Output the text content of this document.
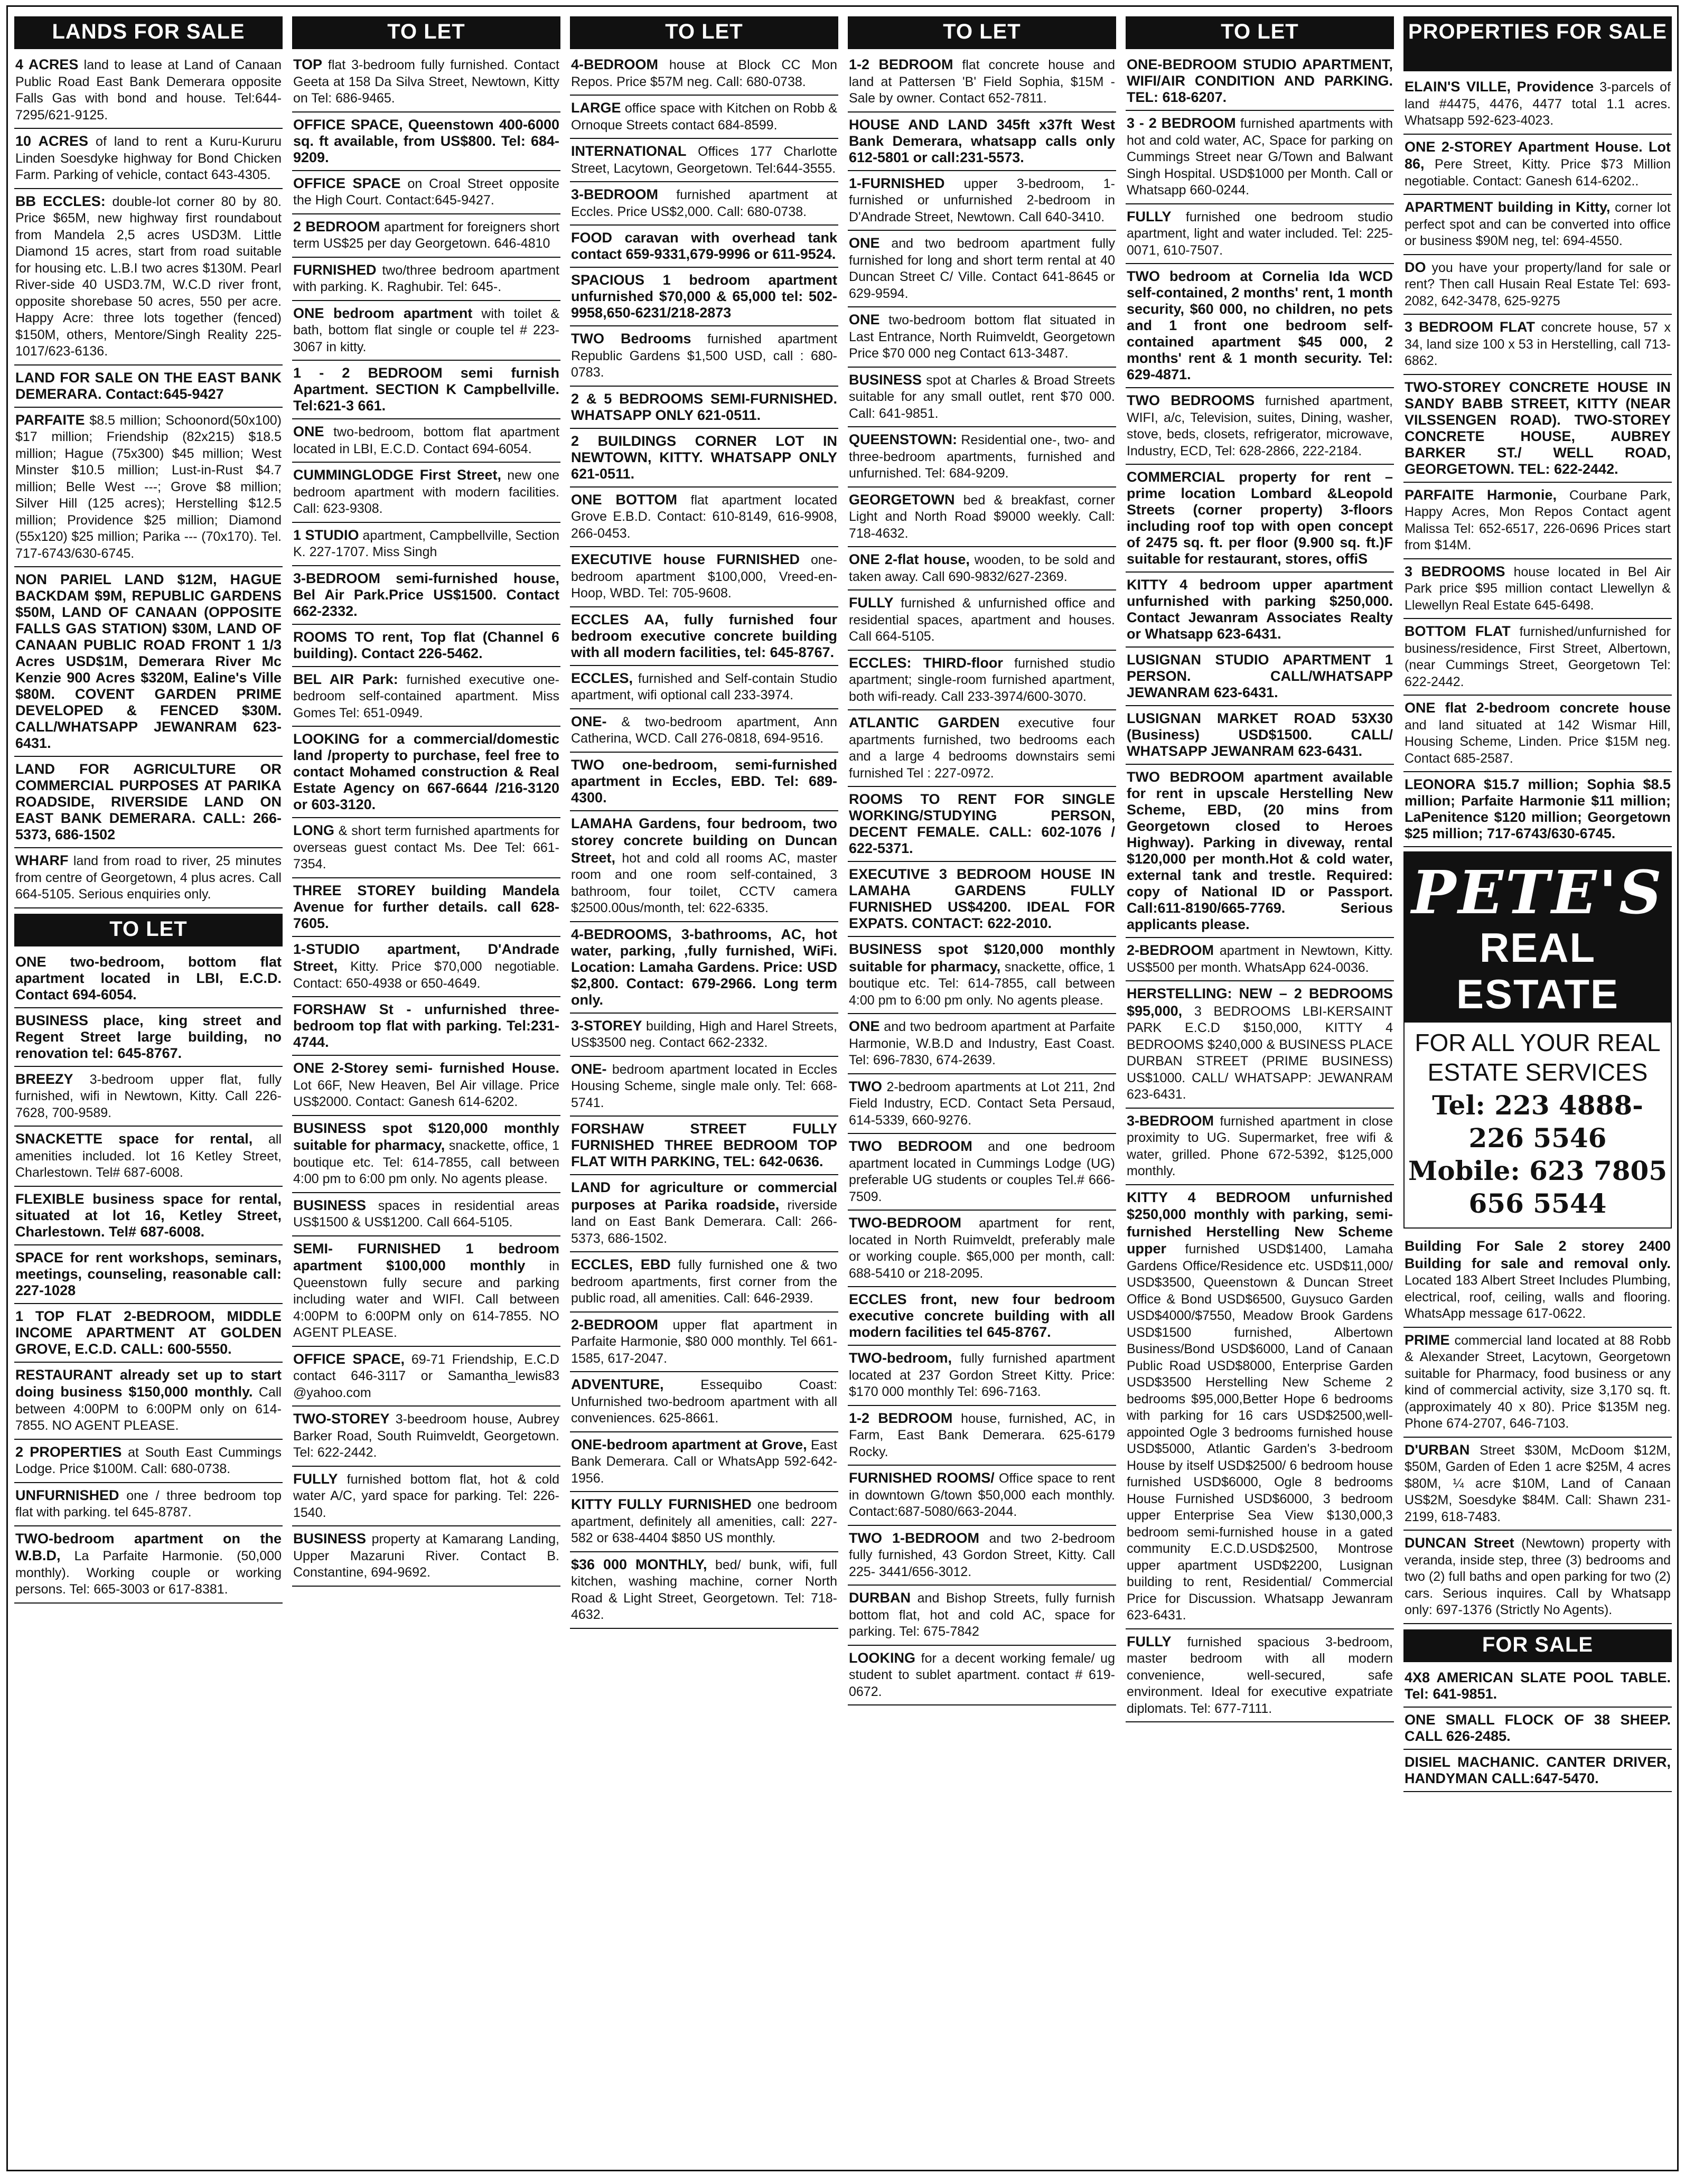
LANDS FOR SALE
4 ACRES land to lease at Land of Canaan Public Road East Bank Demerara opposite Falls Gas with bond and house. Tel:644-7295/621-9125.
10 ACRES of land to rent a Kuru-Kururu Linden Soesdyke highway for Bond Chicken Farm. Parking of vehicle, contact 643-4305.
BB ECCLES: double-lot corner 80 by 80. Price $65M, new highway first roundabout from Mandela 2,5 acres USD3M. Little Diamond 15 acres, start from road suitable for housing etc. L.B.I two acres $130M. Pearl River-side 40 USD3.7M, W.C.D river front, opposite shorebase 50 acres, 550 per acre. Happy Acre: three lots together (fenced) $150M, others, Mentore/Singh Reality 225-1017/623-6136.
LAND FOR SALE ON THE EAST BANK DEMERARA. Contact:645-9427
PARFAITE $8.5 million; Schoonord(50x100) $17 million; Friendship (82x215) $18.5 million; Hague (75x300) $45 million; West Minster $10.5 million; Lust-in-Rust $4.7 million; Belle West ---; Grove $8 million; Silver Hill (125 acres); Herstelling $12.5 million; Providence $25 million; Diamond (55x120) $25 million; Parika --- (70x170). Tel. 717-6743/630-6745.
NON PARIEL LAND $12M, HAGUE BACKDAM $9M, REPUBLIC GARDENS $50M, LAND OF CANAAN (OPPOSITE FALLS GAS STATION) $30M, LAND OF CANAAN PUBLIC ROAD FRONT 1 1/3 Acres USD$1M, Demerara River Mc Kenzie 900 Acres $320M, Ealine's Ville $80M. COVENT GARDEN PRIME DEVELOPED & FENCED $30M. CALL/WHATSAPP JEWANRAM 623-6431.
LAND FOR AGRICULTURE OR COMMERCIAL PURPOSES AT PARIKA ROADSIDE, RIVERSIDE LAND ON EAST BANK DEMERARA. CALL: 266-5373, 686-1502
WHARF land from road to river, 25 minutes from centre of Georgetown, 4 plus acres. Call 664-5105. Serious enquiries only.
TO LET
ONE two-bedroom, bottom flat apartment located in LBI, E.C.D. Contact 694-6054.
BUSINESS place, king street and Regent Street large building, no renovation tel: 645-8767.
BREEZY 3-bedroom upper flat, fully furnished, wifi in Newtown, Kitty. Call 226-7628, 700-9589.
SNACKETTE space for rental, all amenities included. lot 16 Ketley Street, Charlestown. Tel# 687-6008.
FLEXIBLE business space for rental, situated at lot 16, Ketley Street, Charlestown. Tel# 687-6008.
SPACE for rent workshops, seminars, meetings, counseling, reasonable call: 227-1028
1 TOP FLAT 2-BEDROOM, MIDDLE INCOME APARTMENT AT GOLDEN GROVE, E.C.D. CALL: 600-5550.
RESTAURANT already set up to start doing business $150,000 monthly. Call between 4:00PM to 6:00PM only on 614-7855. NO AGENT PLEASE.
2 PROPERTIES at South East Cummings Lodge. Price $100M. Call: 680-0738.
UNFURNISHED one / three bedroom top flat with parking. tel 645-8787.
TWO-bedroom apartment on the W.B.D, La Parfaite Harmonie. (50,000 monthly). Working couple or working persons. Tel: 665-3003 or 617-8381.
TO LET
TOP flat 3-bedroom fully furnished. Contact Geeta at 158 Da Silva Street, Newtown, Kitty on Tel: 686-9465.
OFFICE SPACE, Queenstown 400-6000 sq. ft available, from US$800. Tel: 684-9209.
OFFICE SPACE on Croal Street opposite the High Court. Contact:645-9427.
2 BEDROOM apartment for foreigners short term US$25 per day Georgetown. 646-4810
FURNISHED two/three bedroom apartment with parking. K. Raghubir. Tel: 645-.
ONE bedroom apartment with toilet & bath, bottom flat single or couple tel # 223-3067 in kitty.
1 - 2 BEDROOM semi furnish Apartment. SECTION K Campbellville. Tel:621-3 661.
ONE two-bedroom, bottom flat apartment located in LBI, E.C.D. Contact 694-6054.
CUMMINGLODGE First Street, new one bedroom apartment with modern facilities. Call: 623-9308.
1 STUDIO apartment, Campbellville, Section K. 227-1707. Miss Singh
3-BEDROOM semi-furnished house, Bel Air Park.Price US$1500. Contact 662-2332.
ROOMS TO rent, Top flat (Channel 6 building). Contact 226-5462.
BEL AIR Park: furnished executive one-bedroom self-contained apartment. Miss Gomes Tel: 651-0949.
LOOKING for a commercial/domestic land /property to purchase, feel free to contact Mohamed construction & Real Estate Agency on 667-6644 /216-3120 or 603-3120.
LONG & short term furnished apartments for overseas guest contact Ms. Dee Tel: 661-7354.
THREE STOREY building Mandela Avenue for further details. call 628-7605.
1-STUDIO apartment, D'Andrade Street, Kitty. Price $70,000 negotiable. Contact: 650-4938 or 650-4649.
FORSHAW St - unfurnished three-bedroom top flat with parking. Tel:231-4744.
ONE 2-Storey semi- furnished House. Lot 66F, New Heaven, Bel Air village. Price US$2000. Contact: Ganesh 614-6202.
BUSINESS spot $120,000 monthly suitable for pharmacy, snackette, office, 1 boutique etc. Tel: 614-7855, call between 4:00 pm to 6:00 pm only. No agents please.
BUSINESS spaces in residential areas US$1500 & US$1200. Call 664-5105.
SEMI- FURNISHED 1 bedroom apartment $100,000 monthly in Queenstown fully secure and parking including water and WIFI. Call between 4:00PM to 6:00PM only on 614-7855. NO AGENT PLEASE.
OFFICE SPACE, 69-71 Friendship, E.C.D contact 646-3117 or Samantha_lewis83 @yahoo.com
TWO-STOREY 3-beedroom house, Aubrey Barker Road, South Ruimveldt, Georgetown. Tel: 622-2442.
FULLY furnished bottom flat, hot & cold water A/C, yard space for parking. Tel: 226-1540.
BUSINESS property at Kamarang Landing, Upper Mazaruni River. Contact B. Constantine, 694-9692.
TO LET
4-BEDROOM house at Block CC Mon Repos. Price $57M neg. Call: 680-0738.
LARGE office space with Kitchen on Robb & Ornoque Streets contact 684-8599.
INTERNATIONAL Offices 177 Charlotte Street, Lacytown, Georgetown. Tel:644-3555.
3-BEDROOM furnished apartment at Eccles. Price US$2,000. Call: 680-0738.
FOOD caravan with overhead tank contact 659-9331,679-9996 or 611-9524.
SPACIOUS 1 bedroom apartment unfurnished $70,000 & 65,000 tel: 502-9958,650-6231/218-2873
TWO Bedrooms furnished apartment Republic Gardens $1,500 USD, call : 680-0783.
2 & 5 BEDROOMS SEMI-FURNISHED. WHATSAPP ONLY 621-0511.
2 BUILDINGS CORNER LOT IN NEWTOWN, KITTY. WHATSAPP ONLY 621-0511.
ONE BOTTOM flat apartment located Grove E.B.D. Contact: 610-8149, 616-9908, 266-0453.
EXECUTIVE house FURNISHED one-bedroom apartment $100,000, Vreed-en-Hoop, WBD. Tel: 705-9608.
ECCLES AA, fully furnished four bedroom executive concrete building with all modern facilities, tel: 645-8767.
ECCLES, furnished and Self-contain Studio apartment, wifi optional call 233-3974.
ONE- & two-bedroom apartment, Ann Catherina, WCD. Call 276-0818, 694-9516.
TWO one-bedroom, semi-furnished apartment in Eccles, EBD. Tel: 689-4300.
LAMAHA Gardens, four bedroom, two storey concrete building on Duncan Street, hot and cold all rooms AC, master room and one room self-contained, 3 bathroom, four toilet, CCTV camera $2500.00us/month, tel: 622-6335.
4-BEDROOMS, 3-bathrooms, AC, hot water, parking, ,fully furnished, WiFi. Location: Lamaha Gardens. Price: USD $2,800. Contact: 679-2966. Long term only.
3-STOREY building, High and Harel Streets, US$3500 neg. Contact 662-2332.
ONE- bedroom apartment located in Eccles Housing Scheme, single male only. Tel: 668-5741.
FORSHAW STREET FULLY FURNISHED THREE BEDROOM TOP FLAT WITH PARKING, TEL: 642-0636.
LAND for agriculture or commercial purposes at Parika roadside, riverside land on East Bank Demerara. Call: 266-5373, 686-1502.
ECCLES, EBD fully furnished one & two bedroom apartments, first corner from the public road, all amenities. Call: 646-2939.
2-BEDROOM upper flat apartment in Parfaite Harmonie, $80 000 monthly. Tel 661-1585, 617-2047.
ADVENTURE,	Essequibo Coast: Unfurnished two-bedroom apartment with all conveniences. 625-8661.
ONE-bedroom apartment at Grove, East Bank Demerara. Call or WhatsApp 592-642-1956.
KITTY FULLY FURNISHED one bedroom apartment, definitely all amenities, call: 227-582 or 638-4404 $850 US monthly.
$36 000 MONTHLY, bed/ bunk, wifi, full kitchen, washing machine, corner North Road & Light Street, Georgetown. Tel: 718-4632.
TO LET
1-2 BEDROOM flat concrete house and land at Pattersen 'B' Field Sophia, $15M - Sale by owner. Contact 652-7811.
HOUSE AND LAND 345ft x37ft West Bank Demerara, whatsapp calls only 612-5801 or call:231-5573.
1-FURNISHED upper 3-bedroom, 1-furnished or unfurnished 2-bedroom in D'Andrade Street, Newtown. Call 640-3410.
ONE and two bedroom apartment fully furnished for long and short term rental at 40 Duncan Street C/ Ville. Contact 641-8645 or 629-9594.
ONE two-bedroom bottom flat situated in Last Entrance, North Ruimveldt, Georgetown Price $70 000 neg Contact 613-3487.
BUSINESS spot at Charles & Broad Streets suitable for any small outlet, rent $70 000. Call: 641-9851.
QUEENSTOWN: Residential one-, two- and three-bedroom apartments, furnished and unfurnished. Tel: 684-9209.
GEORGETOWN bed & breakfast, corner Light and North Road $9000 weekly. Call: 718-4632.
ONE 2-flat house, wooden, to be sold and taken away. Call 690-9832/627-2369.
FULLY furnished & unfurnished office and residential spaces, apartment and houses. Call 664-5105.
ECCLES: THIRD-floor furnished studio apartment; single-room furnished apartment, both wifi-ready. Call 233-3974/600-3070.
ATLANTIC GARDEN executive four apartments furnished, two bedrooms each and a large 4 bedrooms downstairs semi furnished Tel : 227-0972.
ROOMS TO RENT FOR SINGLE WORKING/STUDYING PERSON, DECENT FEMALE. CALL: 602-1076 / 622-5371.
EXECUTIVE 3 BEDROOM HOUSE IN LAMAHA GARDENS FULLY FURNISHED US$4200. IDEAL FOR EXPATS. CONTACT: 622-2010.
BUSINESS spot $120,000 monthly suitable for pharmacy, snackette, office, 1 boutique etc. Tel: 614-7855, call between 4:00 pm to 6:00 pm only. No agents please.
ONE and two bedroom apartment at Parfaite Harmonie, W.B.D and Industry, East Coast. Tel: 696-7830, 674-2639.
TWO 2-bedroom apartments at Lot 211, 2nd Field Industry, ECD. Contact Seta Persaud, 614-5339, 660-9276.
TWO BEDROOM and one bedroom apartment located in Cummings Lodge (UG) preferable UG students or couples Tel.# 666-7509.
TWO-BEDROOM apartment for rent, located in North Ruimveldt, preferably male or working couple. $65,000 per month, call: 688-5410 or 218-2095.
ECCLES front, new four bedroom executive concrete building with all modern facilities tel 645-8767.
TWO-bedroom, fully furnished apartment located at 237 Gordon Street Kitty. Price: $170 000 monthly Tel: 696-7163.
1-2 BEDROOM house, furnished, AC, in Farm, East Bank Demerara. 625-6179 Rocky.
FURNISHED ROOMS/ Office space to rent in downtown G/town $50,000 each monthly. Contact:687-5080/663-2044.
TWO 1-BEDROOM and two 2-bedroom fully furnished, 43 Gordon Street, Kitty. Call 225- 3441/656-3012.
DURBAN and Bishop Streets, fully furnish bottom flat, hot and cold AC, space for parking. Tel: 675-7842
LOOKING for a decent working female/ ug student to sublet apartment. contact # 619-0672.
TO LET
ONE-BEDROOM STUDIO APARTMENT, WIFI/AIR CONDITION AND PARKING. TEL: 618-6207.
3 - 2 BEDROOM furnished apartments with hot and cold water, AC, Space for parking on Cummings Street near G/Town and Balwant Singh Hospital. USD$1000 per Month. Call or Whatsapp 660-0244.
FULLY furnished one bedroom studio apartment, light and water included. Tel: 225-0071, 610-7507.
TWO bedroom at Cornelia Ida WCD self-contained, 2 months' rent, 1 month security, $60 000, no children, no pets and 1 front one bedroom self-contained apartment $45 000, 2 months' rent & 1 month security. Tel: 629-4871.
TWO BEDROOMS furnished apartment, WIFI, a/c, Television, suites, Dining, washer, stove, beds, closets, refrigerator, microwave, Industry, ECD, Tel: 628-2866, 222-2184.
COMMERCIAL property for rent – prime location Lombard &Leopold Streets (corner property) 3-floors including roof top with open concept of 2475 sq. ft. per floor (9.900 sq. ft.)F suitable for restaurant, stores, offiS
KITTY 4 bedroom upper apartment unfurnished with parking $250,000. Contact Jewanram Associates Realty or Whatsapp 623-6431.
LUSIGNAN STUDIO APARTMENT 1 PERSON. CALL/WHATSAPP JEWANRAM 623-6431.
LUSIGNAN MARKET ROAD 53X30 (Business) USD$1500. CALL/ WHATSAPP JEWANRAM 623-6431.
TWO BEDROOM apartment available for rent in upscale Herstelling New Scheme, EBD, (20 mins from Georgetown closed to Heroes Highway). Parking in diveway, rental $120,000 per month.Hot & cold water, external tank and trestle. Required: copy of National ID or Passport. Call:611-8190/665-7769. Serious applicants please.
2-BEDROOM apartment in Newtown, Kitty. US$500 per month. WhatsApp 624-0036.
HERSTELLING: NEW – 2 BEDROOMS $95,000, 3 BEDROOMS LBI-KERSAINT PARK E.C.D $150,000, KITTY 4 BEDROOMS $240,000 & BUSINESS PLACE DURBAN STREET (PRIME BUSINESS) US$1000. CALL/ WHATSAPP: JEWANRAM 623-6431.
3-BEDROOM furnished apartment in close proximity to UG. Supermarket, free wifi & water, grilled. Phone 672-5392, $125,000 monthly.
KITTY 4 BEDROOM unfurnished $250,000 monthly with parking, semi-furnished Herstelling New Scheme upper furnished USD$1400, Lamaha Gardens Office/Residence etc. USD$11,000/ USD$3500, Queenstown & Duncan Street Office & Bond USD$6500, Guysuco Garden USD$4000/$7550, Meadow Brook Gardens USD$1500 furnished, Albertown Business/Bond USD$6000, Land of Canaan Public Road USD$8000, Enterprise Garden USD$3500 Herstelling New Scheme 2 bedrooms $95,000,Better Hope 6 bedrooms with parking for 16 cars USD$2500,well-appointed Ogle 3 bedrooms furnished house USD$5000, Atlantic Garden's 3-bedroom House by itself USD$2500/ 6 bedroom house furnished USD$6000, Ogle 8 bedrooms House Furnished USD$6000, 3 bedroom upper Enterprise Sea View $130,000,3 bedroom semi-furnished house in a gated community E.C.D.USD$2500, Montrose upper apartment USD$2200, Lusignan building to rent, Residential/ Commercial Price for Discussion. Whatsapp Jewanram 623-6431.
FULLY furnished spacious 3-bedroom, master bedroom with all modern convenience, well-secured, safe environment. Ideal for executive expatriate diplomats. Tel: 677-7111.
PROPERTIES FOR SALE
ELAIN'S VILLE, Providence 3-parcels of land #4475, 4476, 4477 total 1.1 acres. Whatsapp 592-623-4023.
ONE 2-STOREY Apartment House. Lot 86, Pere Street, Kitty. Price $73 Million negotiable. Contact: Ganesh 614-6202..
APARTMENT building in Kitty, corner lot perfect spot and can be converted into office or business $90M neg, tel: 694-4550.
DO you have your property/land for sale or rent? Then call Husain Real Estate Tel: 693-2082, 642-3478, 625-9275
3 BEDROOM FLAT concrete house, 57 x 34, land size 100 x 53 in Herstelling, call 713-6862.
TWO-STOREY CONCRETE HOUSE IN SANDY BABB STREET, KITTY (NEAR VILSSENGEN ROAD). TWO-STOREY CONCRETE HOUSE, AUBREY BARKER ST./ WELL ROAD, GEORGETOWN. TEL: 622-2442.
PARFAITE Harmonie, Courbane Park, Happy Acres, Mon Repos Contact agent Malissa Tel: 652-6517, 226-0696 Prices start from $14M.
3 BEDROOMS house located in Bel Air Park price $95 million contact Llewellyn & Llewellyn Real Estate 645-6498.
BOTTOM FLAT furnished/unfurnished for business/residence, First Street, Albertown, (near Cummings Street, Georgetown Tel: 622-2442.
ONE flat 2-bedroom concrete house and land situated at 142 Wismar Hill, Housing Scheme, Linden. Price $15M neg. Contact 685-2587.
LEONORA $15.7 million; Sophia $8.5 million; Parfaite Harmonie $11 million; LaPenitence $120 million; Georgetown $25 million; 717-6743/630-6745.
PETE'S
REAL ESTATE
FOR ALL YOUR REAL ESTATE SERVICES
Tel: 223 4888-
226 5546
Mobile: 623 7805
656 5544
Building For Sale 2 storey 2400 Building for sale and removal only. Located 183 Albert Street Includes Plumbing, electrical, roof, ceiling, walls and flooring. WhatsApp message 617-0622.
PRIME commercial land located at 88 Robb & Alexander Street, Lacytown, Georgetown suitable for Pharmacy, food business or any kind of commercial activity, size 3,170 sq. ft. (approximately 40 x 80). Price $135M neg. Phone 674-2707, 646-7103.
D'URBAN Street $30M, McDoom $12M, $50M, Garden of Eden 1 acre $25M, 4 acres $80M, ¼ acre $10M, Land of Canaan US$2M, Soesdyke $84M. Call: Shawn 231-2199, 618-7483.
DUNCAN Street (Newtown) property with veranda, inside step, three (3) bedrooms and two (2) full baths and open parking for two (2) cars. Serious inquires. Call by Whatsapp only: 697-1376 (Strictly No Agents).
FOR SALE
4X8 AMERICAN SLATE POOL TABLE. Tel: 641-9851.
ONE SMALL FLOCK OF 38 SHEEP. CALL 626-2485.
DISIEL MACHANIC. CANTER DRIVER, HANDYMAN CALL:647-5470.
